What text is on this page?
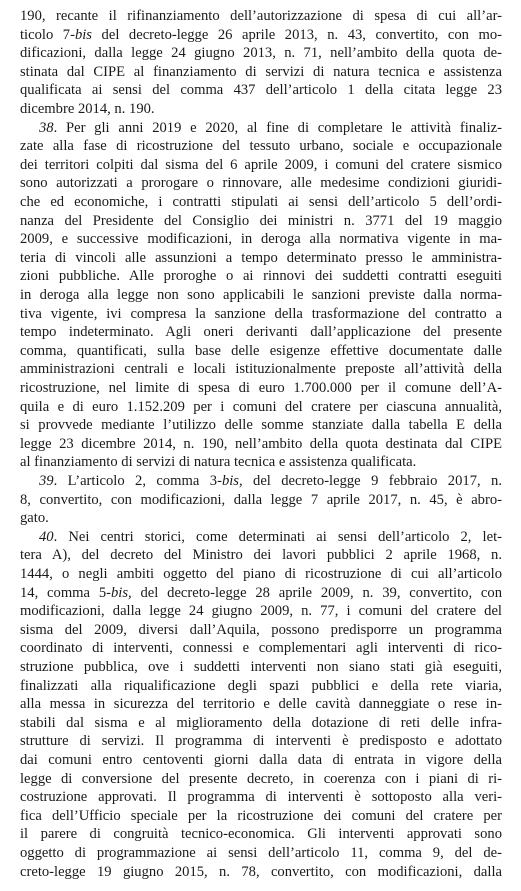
190, recante il rifinanziamento dell’autorizzazione di spesa di cui all’ar-
ticolo 7-bis del decreto-legge 26 aprile 2013, n. 43, convertito, con mo-
dificazioni, dalla legge 24 giugno 2013, n. 71, nell’ambito della quota de-
stinata dal CIPE al finanziamento di servizi di natura tecnica e assistenza
qualificata ai sensi del comma 437 dell’articolo 1 della citata legge 23
dicembre 2014, n. 190.
38. Per gli anni 2019 e 2020, al fine di completare le attività finaliz-
zate alla fase di ricostruzione del tessuto urbano, sociale e occupazionale
dei territori colpiti dal sisma del 6 aprile 2009, i comuni del cratere sismico
sono autorizzati a prorogare o rinnovare, alle medesime condizioni giuridi-
che ed economiche, i contratti stipulati ai sensi dell’articolo 5 dell’ordi-
nanza del Presidente del Consiglio dei ministri n. 3771 del 19 maggio
2009, e successive modificazioni, in deroga alla normativa vigente in ma-
teria di vincoli alle assunzioni a tempo determinato presso le amministra-
zioni pubbliche. Alle proroghe o ai rinnovi dei suddetti contratti eseguiti
in deroga alla legge non sono applicabili le sanzioni previste dalla norma-
tiva vigente, ivi compresa la sanzione della trasformazione del contratto a
tempo indeterminato. Agli oneri derivanti dall’applicazione del presente
comma, quantificati, sulla base delle esigenze effettive documentate dalle
amministrazioni centrali e locali istituzionalmente preposte all’attività della
ricostruzione, nel limite di spesa di euro 1.700.000 per il comune dell’A-
quila e di euro 1.152.209 per i comuni del cratere per ciascuna annualità,
si provvede mediante l’utilizzo delle somme stanziate dalla tabella E della
legge 23 dicembre 2014, n. 190, nell’ambito della quota destinata dal CIPE
al finanziamento di servizi di natura tecnica e assistenza qualificata.
39. L’articolo 2, comma 3-bis, del decreto-legge 9 febbraio 2017, n.
8, convertito, con modificazioni, dalla legge 7 aprile 2017, n. 45, è abro-
gato.
40. Nei centri storici, come determinati ai sensi dell’articolo 2, let-
tera A), del decreto del Ministro dei lavori pubblici 2 aprile 1968, n.
1444, o negli ambiti oggetto del piano di ricostruzione di cui all’articolo
14, comma 5-bis, del decreto-legge 28 aprile 2009, n. 39, convertito, con
modificazioni, dalla legge 24 giugno 2009, n. 77, i comuni del cratere del
sisma del 2009, diversi dall’Aquila, possono predisporre un programma
coordinato di interventi, connessi e complementari agli interventi di rico-
struzione pubblica, ove i suddetti interventi non siano stati già eseguiti,
finalizzati alla riqualificazione degli spazi pubblici e della rete viaria,
alla messa in sicurezza del territorio e delle cavità danneggiate o rese in-
stabili dal sisma e al miglioramento della dotazione di reti delle infra-
strutture di servizi. Il programma di interventi è predisposto e adottato
dai comuni entro centoventi giorni dalla data di entrata in vigore della
legge di conversione del presente decreto, in coerenza con i piani di ri-
costruzione approvati. Il programma di interventi è sottoposto alla veri-
fica dell’Ufficio speciale per la ricostruzione dei comuni del cratere per
il parere di congruità tecnico-economica. Gli interventi approvati sono
oggetto di programmazione ai sensi dell’articolo 11, comma 9, del de-
creto-legge 19 giugno 2015, n. 78, convertito, con modificazioni, dalla
